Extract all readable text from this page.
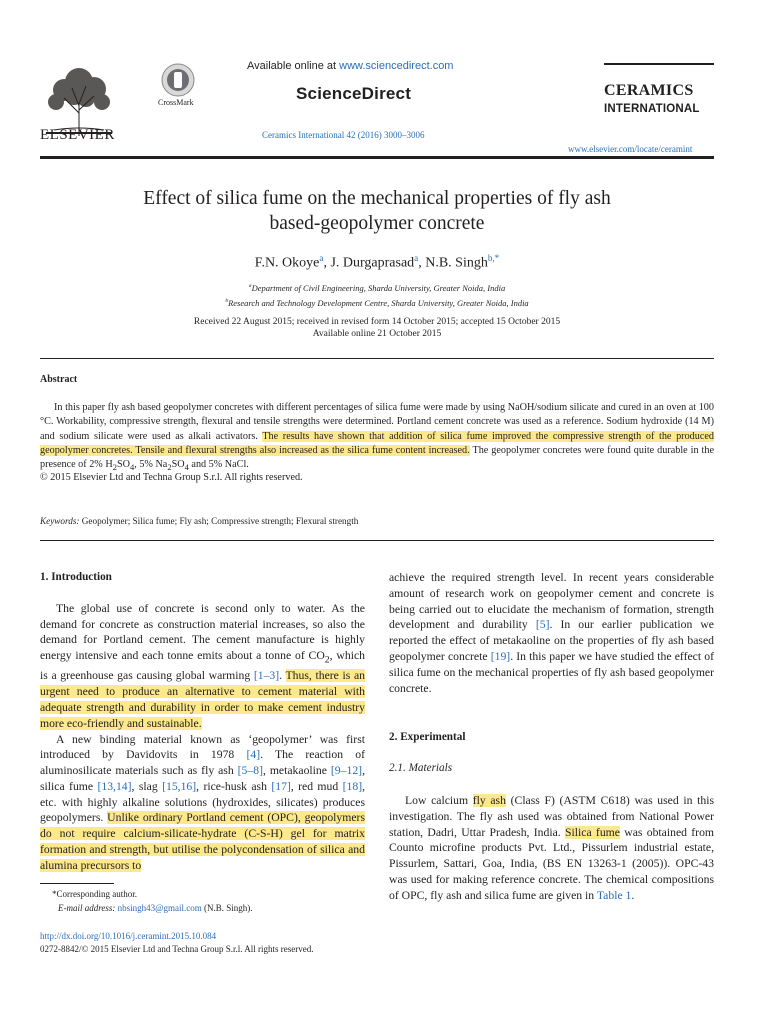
ELSEVIER
CrossMark
Available online at www.sciencedirect.com
ScienceDirect
Ceramics International 42 (2016) 3000–3006
CERAMICS
INTERNATIONAL
www.elsevier.com/locate/ceramint
Effect of silica fume on the mechanical properties of fly ash
based-geopolymer concrete
F.N. Okoye$^a$, J. Durgaprasad$^a$, N.B. Singh$^{b,*}$
$^a$Department of Civil Engineering, Sharda University, Greater Noida, India
$^b$Research and Technology Development Centre, Sharda University, Greater Noida, India
Received 22 August 2015; received in revised form 14 October 2015; accepted 15 October 2015
Available online 21 October 2015
Abstract

In this paper fly ash based geopolymer concretes with different percentages of silica fume were made by using NaOH/sodium silicate and cured in an oven at 100 °C. Workability, compressive strength, flexural and tensile strengths were determined. Portland cement concrete was used as a reference. Sodium hydroxide (14 M) and sodium silicate were used as alkali activators. The results have shown that addition of silica fume improved the compressive strength of the produced geopolymer concretes. Tensile and flexural strengths also increased as the silica fume content increased. The geopolymer concretes were found quite durable in the presence of 2% $H_2SO_4$, 5% $Na_2SO_4$ and 5% NaCl.

© 2015 Elsevier Ltd and Techna Group S.r.l. All rights reserved.
Keywords: Geopolymer; Silica fume; Fly ash; Compressive strength; Flexural strength
1. Introduction

The global use of concrete is second only to water. As the demand for concrete as construction material increases, so also the demand for Portland cement. The cement manufacture is highly energy intensive and each tonne emits about a tonne of $CO_2$, which is a greenhouse gas causing global warming [1–3]. Thus, there is an urgent need to produce an alternative to cement material with adequate strength and durability in order to make cement industry more eco-friendly and sustainable.

A new binding material known as ‘geopolymer’ was first introduced by Davidovits in 1978 [4]. The reaction of aluminosilicate materials such as fly ash [5–8], metakaoline [9–12], silica fume [13,14], slag [15,16], rice-husk ash [17], red mud [18], etc. with highly alkaline solutions (hydroxides, silicates) produces geopolymers. Unlike ordinary Portland cement (OPC), geopolymers do not require calcium-silicate-hydrate (C-S-H) gel for matrix formation and strength, but utilise the polycondensation of silica and alumina precursors to

*Corresponding author.
E-mail address: nbsingh43@gmail.com (N.B. Singh).
http://dx.doi.org/10.1016/j.ceramint.2015.10.084
0272-8842/© 2015 Elsevier Ltd and Techna Group S.r.l. All rights reserved.

achieve the required strength level. In recent years considerable amount of research work on geopolymer cement and concrete is being carried out to elucidate the mechanism of formation, strength development and durability [5]. In our earlier publication we reported the effect of metakaoline on the properties of fly ash based geopolymer concrete [19]. In this paper we have studied the effect of silica fume on the mechanical properties of fly ash based geopolymer concrete.

2. Experimental
2.1. Materials

Low calcium fly ash (Class F) (ASTM C618) was used in this investigation. The fly ash used was obtained from National Power station, Dadri, Uttar Pradesh, India. Silica fume was obtained from Counto microfine products Pvt. Ltd., Pissurlem industrial estate, Pissurlem, Sattari, Goa, India, (BS EN 13263-1 (2005)). OPC-43 was used for making reference concrete. The chemical compositions of OPC, fly ash and silica fume are given in Table 1.
